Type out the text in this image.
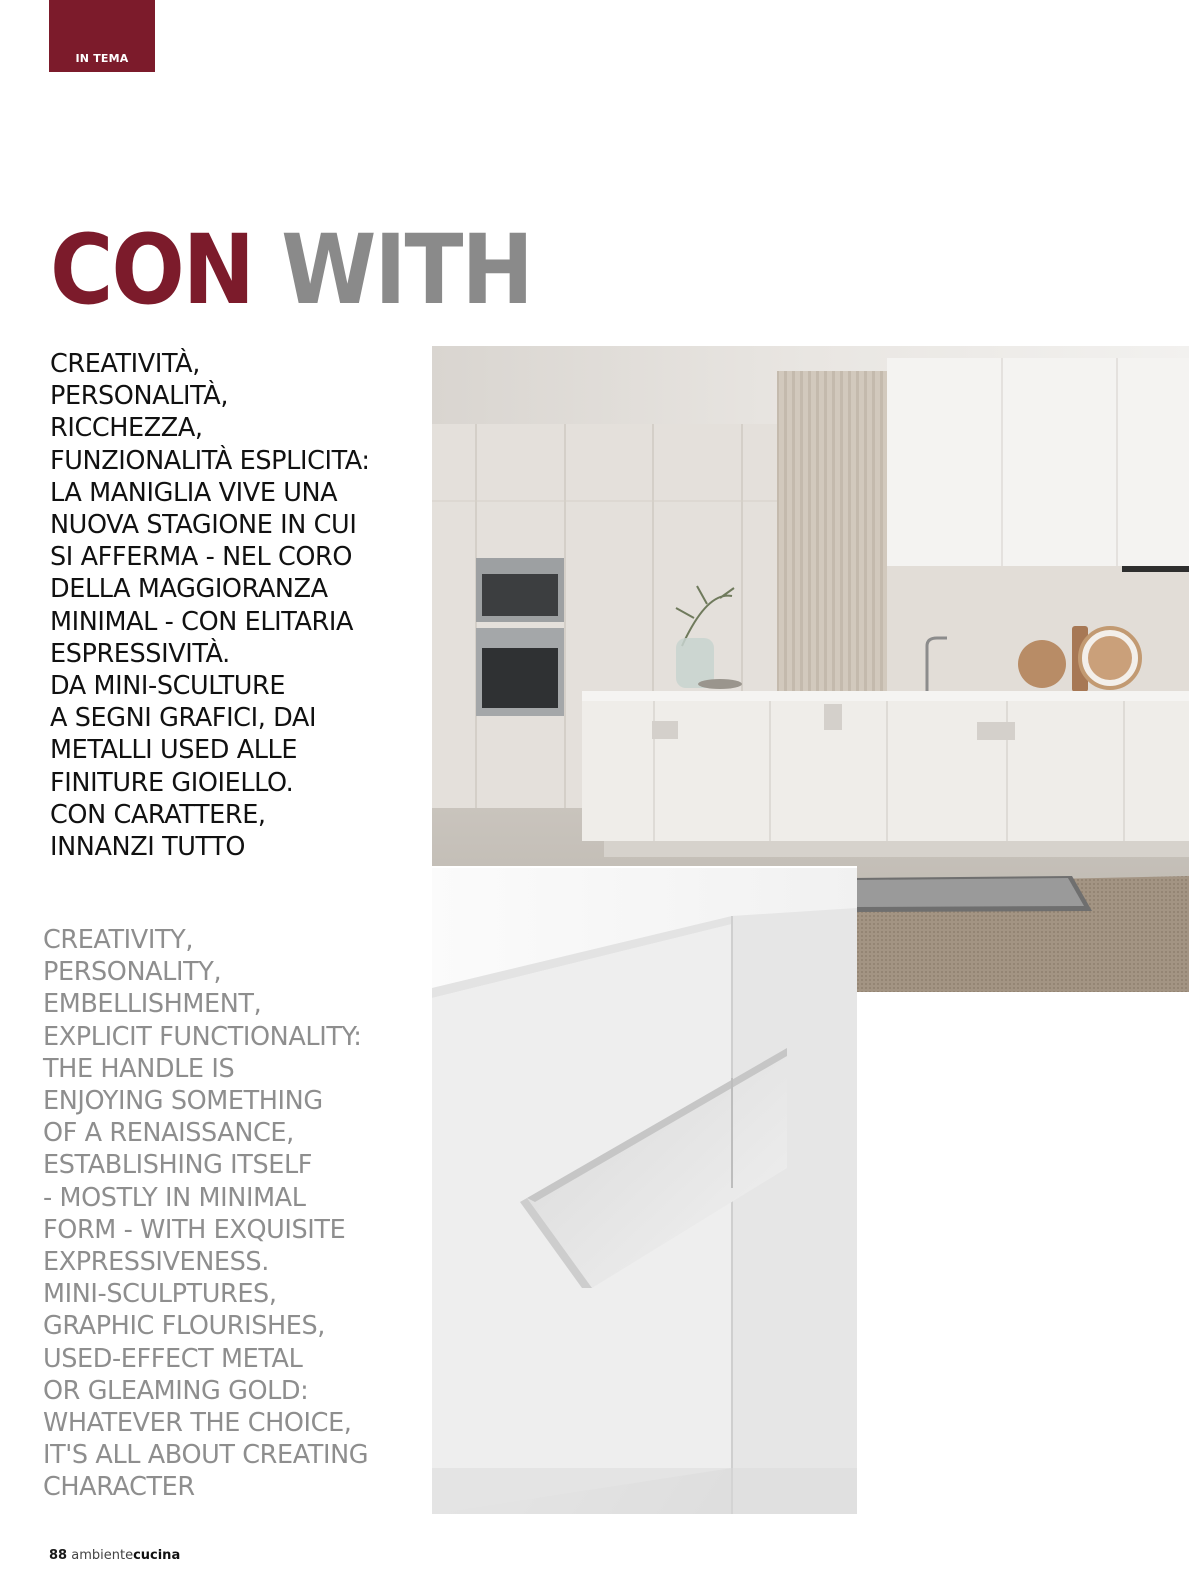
IN TEMA
CON WITH

CREATIVITÀ,
PERSONALITÀ,
RICCHEZZA,
FUNZIONALITÀ ESPLICITA:
LA MANIGLIA VIVE UNA
NUOVA STAGIONE IN CUI
SI AFFERMA - NEL CORO
DELLA MAGGIORANZA
MINIMAL - CON ELITARIA
ESPRESSIVITÀ.
DA MINI-SCULTURE
A SEGNI GRAFICI, DAI
METALLI USED ALLE
FINITURE GIOIELLO.
CON CARATTERE,
INNANZI TUTTO

CREATIVITY,
PERSONALITY,
EMBELLISHMENT,
EXPLICIT FUNCTIONALITY:
THE HANDLE IS
ENJOYING SOMETHING
OF A RENAISSANCE,
ESTABLISHING ITSELF
- MOSTLY IN MINIMAL
FORM - WITH EXQUISITE
EXPRESSIVENESS.
MINI-SCULPTURES,
GRAPHIC FLOURISHES,
USED-EFFECT METAL
OR GLEAMING GOLD:
WHATEVER THE CHOICE,
IT'S ALL ABOUT CREATING
CHARACTER

88 ambientecucina
